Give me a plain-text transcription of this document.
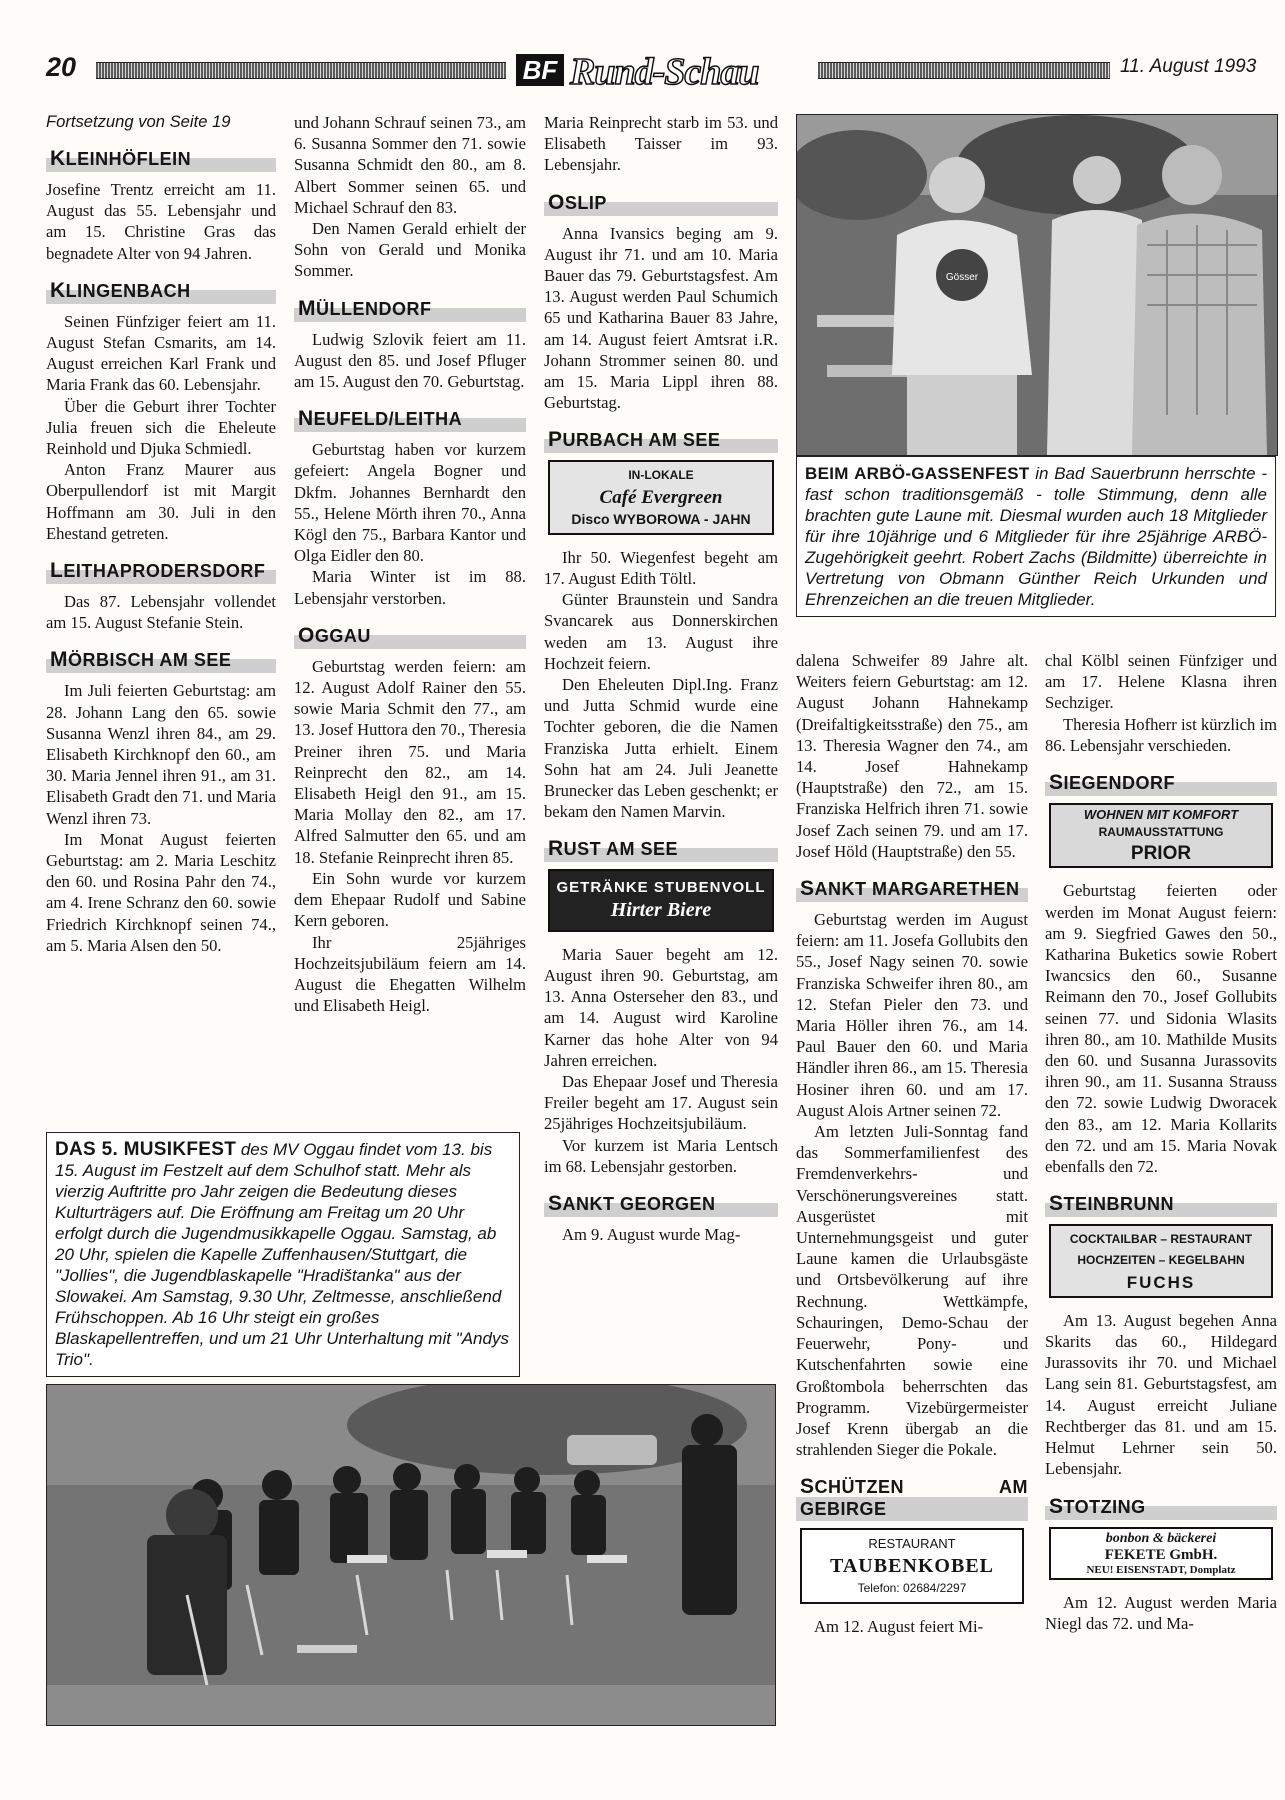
20	BF Rund-Schau	11. August 1993

Fortsetzung von Seite 19

KLEINHÖFLEIN

Josefine Trentz erreicht am 11. August das 55. Lebensjahr und am 15. Christine Gras das begnadete Alter von 94 Jahren.

KLINGENBACH

Seinen Fünfziger feiert am 11. August Stefan Csmarits, am 14. August erreichen Karl Frank und Maria Frank das 60. Lebensjahr.

Über die Geburt ihrer Tochter Julia freuen sich die Eheleute Reinhold und Djuka Schmiedl.

Anton Franz Maurer aus Oberpullendorf ist mit Margit Hoffmann am 30. Juli in den Ehestand getreten.

LEITHAPRODERSDORF

Das 87. Lebensjahr vollendet am 15. August Stefanie Stein.

MÖRBISCH AM SEE

Im Juli feierten Geburtstag: am 28. Johann Lang den 65. sowie Susanna Wenzl ihren 84., am 29. Elisabeth Kirchknopf den 60., am 30. Maria Jennel ihren 91., am 31. Elisabeth Gradt den 71. und Maria Wenzl ihren 73.

Im Monat August feierten Geburtstag: am 2. Maria Leschitz den 60. und Rosina Pahr den 74., am 4. Irene Schranz den 60. sowie Friedrich Kirchknopf seinen 74., am 5. Maria Alsen den 50.

und Johann Schrauf seinen 73., am 6. Susanna Sommer den 71. sowie Susanna Schmidt den 80., am 8. Albert Sommer seinen 65. und Michael Schrauf den 83.

Den Namen Gerald erhielt der Sohn von Gerald und Monika Sommer.

MÜLLENDORF

Ludwig Szlovik feiert am 11. August den 85. und Josef Pfluger am 15. August den 70. Geburtstag.

NEUFELD/LEITHA

Geburtstag haben vor kurzem gefeiert: Angela Bogner und Dkfm. Johannes Bernhardt den 55., Helene Mörth ihren 70., Anna Kögl den 75., Barbara Kantor und Olga Eidler den 80.

Maria Winter ist im 88. Lebensjahr verstorben.

OGGAU

Geburtstag werden feiern: am 12. August Adolf Rainer den 55. sowie Maria Schmit den 77., am 13. Josef Huttora den 70., Theresia Preiner ihren 75. und Maria Reinprecht den 82., am 14. Elisabeth Heigl den 91., am 15. Maria Mollay den 82., am 17. Alfred Salmutter den 65. und am 18. Stefanie Reinprecht ihren 85.

Ein Sohn wurde vor kurzem dem Ehepaar Rudolf und Sabine Kern geboren.

Ihr 25jähriges Hochzeitsjubiläum feiern am 14. August die Ehegatten Wilhelm und Elisabeth Heigl.

Maria Reinprecht starb im 53. und Elisabeth Taisser im 93. Lebensjahr.

OSLIP

Anna Ivansics beging am 9. August ihr 71. und am 10. Maria Bauer das 79. Geburtstagsfest. Am 13. August werden Paul Schumich 65 und Katharina Bauer 83 Jahre, am 14. August feiert Amtsrat i.R. Johann Strommer seinen 80. und am 15. Maria Lippl ihren 88. Geburtstag.

PURBACH AM SEE

IN-LOKALE
Café Evergreen
Disco WYBOROWA - JAHN

Ihr 50. Wiegenfest begeht am 17. August Edith Töltl.

Günter Braunstein und Sandra Svancarek aus Donnerskirchen weden am 13. August ihre Hochzeit feiern.

Den Eheleuten Dipl.Ing. Franz und Jutta Schmid wurde eine Tochter geboren, die die Namen Franziska Jutta erhielt. Einem Sohn hat am 24. Juli Jeanette Brunecker das Leben geschenkt; er bekam den Namen Marvin.

RUST AM SEE

GETRÄNKE STUBENVOLL
Hirter Biere

Maria Sauer begeht am 12. August ihren 90. Geburtstag, am 13. Anna Osterseher den 83., und am 14. August wird Karoline Karner das hohe Alter von 94 Jahren erreichen.

Das Ehepaar Josef und Theresia Freiler begeht am 17. August sein 25jähriges Hochzeitsjubiläum.

Vor kurzem ist Maria Lentsch im 68. Lebensjahr gestorben.

SANKT GEORGEN

Am 9. August wurde Mag-

Gösser
BEIM ARBÖ-GASSENFEST in Bad Sauerbrunn herrschte - fast schon traditionsgemäß - tolle Stimmung, denn alle brachten gute Laune mit. Diesmal wurden auch 18 Mitglieder für ihre 10jährige und 6 Mitglieder für ihre 25jährige ARBÖ-Zugehörigkeit geehrt. Robert Zachs (Bildmitte) überreichte in Vertretung von Obmann Günther Reich Urkunden und Ehrenzeichen an die treuen Mitglieder.

dalena Schweifer 89 Jahre alt. Weiters feiern Geburtstag: am 12. August Johann Hahnekamp (Dreifaltigkeitsstraße) den 75., am 13. Theresia Wagner den 74., am 14. Josef Hahnekamp (Hauptstraße) den 72., am 15. Franziska Helfrich ihren 71. sowie Josef Zach seinen 79. und am 17. Josef Höld (Hauptstraße) den 55.

SANKT MARGARETHEN

Geburtstag werden im August feiern: am 11. Josefa Gollubits den 55., Josef Nagy seinen 70. sowie Franziska Schweifer ihren 80., am 12. Stefan Pieler den 73. und Maria Höller ihren 76., am 14. Paul Bauer den 60. und Maria Händler ihren 86., am 15. Theresia Hosiner ihren 60. und am 17. August Alois Artner seinen 72.

Am letzten Juli-Sonntag fand das Sommerfamilienfest des Fremdenverkehrs- und Verschönerungsvereines statt. Ausgerüstet mit Unternehmungsgeist und guter Laune kamen die Urlaubsgäste und Ortsbevölkerung auf ihre Rechnung. Wettkämpfe, Schauringen, Demo-Schau der Feuerwehr, Pony- und Kutschenfahrten sowie eine Großtombola beherrschten das Programm. Vizebürgermeister Josef Krenn übergab an die strahlenden Sieger die Pokale.

SCHÜTZEN AM GEBIRGE

RESTAURANT
TAUBENKOBEL
Telefon: 02684/2297

Am 12. August feiert Mi-

chal Kölbl seinen Fünfziger und am 17. Helene Klasna ihren Sechziger.

Theresia Hofherr ist kürzlich im 86. Lebensjahr verschieden.

SIEGENDORF

WOHNEN MIT KOMFORT
RAUMAUSSTATTUNG
PRIOR

Geburtstag feierten oder werden im Monat August feiern: am 9. Siegfried Gawes den 50., Katharina Buketics sowie Robert Iwancsics den 60., Susanne Reimann den 70., Josef Gollubits seinen 77. und Sidonia Wlasits ihren 80., am 10. Mathilde Musits den 60. und Susanna Jurassovits ihren 90., am 11. Susanna Strauss den 72. sowie Ludwig Dworacek den 83., am 12. Maria Kollarits den 72. und am 15. Maria Novak ebenfalls den 72.

STEINBRUNN

COCKTAILBAR – RESTAURANT
HOCHZEITEN – KEGELBAHN
FUCHS

Am 13. August begehen Anna Skarits das 60., Hildegard Jurassovits ihr 70. und Michael Lang sein 81. Geburtstagsfest, am 14. August erreicht Juliane Rechtberger das 81. und am 15. Helmut Lehrner sein 50. Lebensjahr.

STOTZING

bonbon & bäckerei
FEKETE GmbH.
NEU! EISENSTADT, Domplatz

Am 12. August werden Maria Niegl das 72. und Ma-

DAS 5. MUSIKFEST des MV Oggau findet vom 13. bis 15. August im Festzelt auf dem Schulhof statt. Mehr als vierzig Auftritte pro Jahr zeigen die Bedeutung dieses Kulturträgers auf. Die Eröffnung am Freitag um 20 Uhr erfolgt durch die Jugendmusikkapelle Oggau. Samstag, ab 20 Uhr, spielen die Kapelle Zuffenhausen/Stuttgart, die "Jollies", die Jugendblaskapelle "Hradištanka" aus der Slowakei. Am Samstag, 9.30 Uhr, Zeltmesse, anschließend Frühschoppen. Ab 16 Uhr steigt ein großes Blaskapellentreffen, und um 21 Uhr Unterhaltung mit "Andys Trio".
